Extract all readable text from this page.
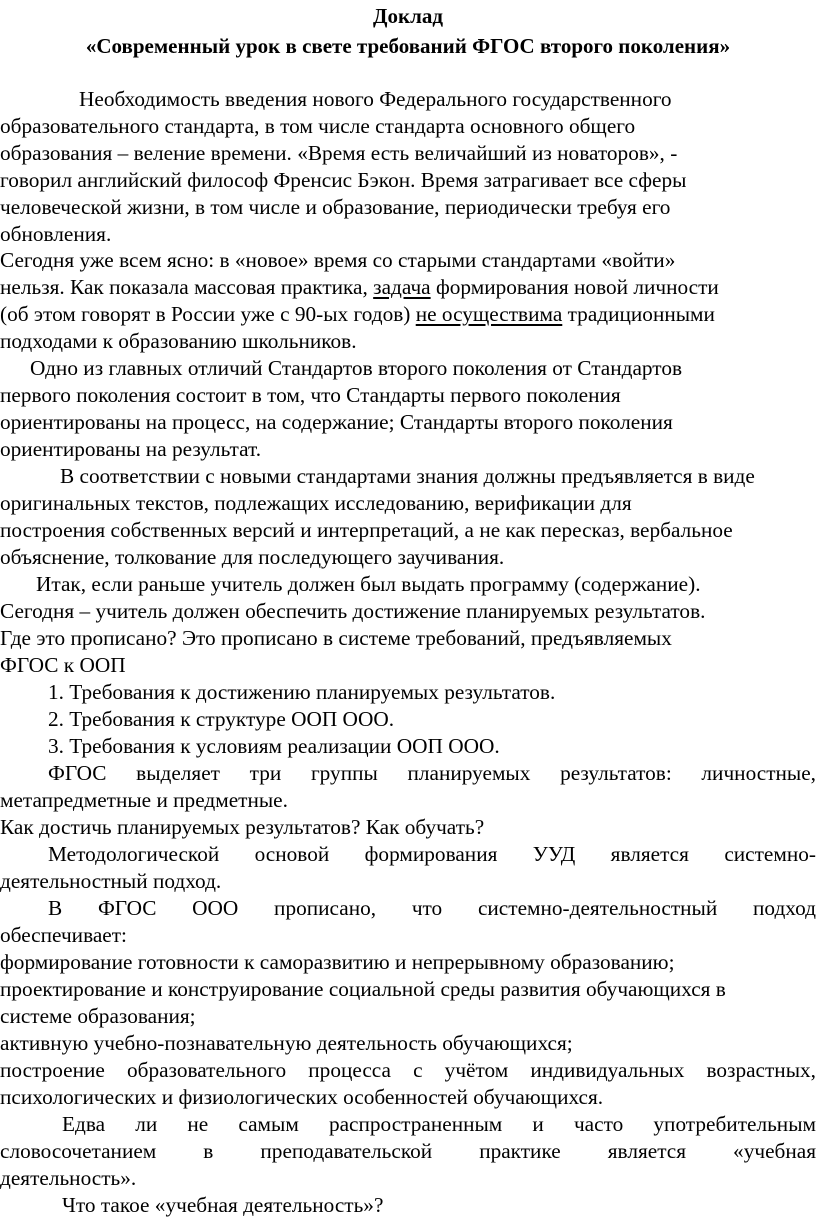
Доклад
«Современный урок в свете требований ФГОС второго поколения»
Необходимость введения нового Федерального государственного
образовательного стандарта, в том числе стандарта основного общего
образования – веление времени. «Время есть величайший из новаторов», -
говорил английский философ Френсис Бэкон. Время затрагивает все сферы
человеческой жизни, в том числе и образование, периодически требуя его
обновления.
Сегодня уже всем ясно: в «новое» время со старыми стандартами «войти»
нельзя. Как показала массовая практика, задача формирования новой личности
(об этом говорят в России уже с 90-ых годов) не осуществима традиционными
подходами к образованию школьников.
Одно из главных отличий Стандартов второго поколения от Стандартов
первого поколения состоит в том, что Стандарты первого поколения
ориентированы на процесс, на содержание; Стандарты второго поколения
ориентированы на результат.
В соответствии с новыми стандартами знания должны предъявляется в виде
оригинальных текстов, подлежащих исследованию, верификации для
построения собственных версий и интерпретаций, а не как пересказ, вербальное
объяснение, толкование для последующего заучивания.
Итак, если раньше учитель должен был выдать программу (содержание).
Сегодня – учитель должен обеспечить достижение планируемых результатов.
Где это прописано? Это прописано в системе требований, предъявляемых
ФГОС к ООП
1. Требования к достижению планируемых результатов.
2. Требования к структуре ООП ООО.
3. Требования к условиям реализации ООП ООО.
ФГОС выделяет три группы планируемых результатов: личностные,
метапредметные и предметные.
Как достичь планируемых результатов? Как обучать?
Методологической основой формирования УУД является системно-
деятельностный подход.
В ФГОС ООО прописано, что системно-деятельностный подход
обеспечивает:
формирование готовности к саморазвитию и непрерывному образованию;
проектирование и конструирование социальной среды развития обучающихся в
системе образования;
активную учебно-познавательную деятельность обучающихся;
построение образовательного процесса с учётом индивидуальных возрастных,
психологических и физиологических особенностей обучающихся.
Едва ли не самым распространенным и часто употребительным
словосочетанием в преподавательской практике является «учебная
деятельность».
Что такое «учебная деятельность»?
